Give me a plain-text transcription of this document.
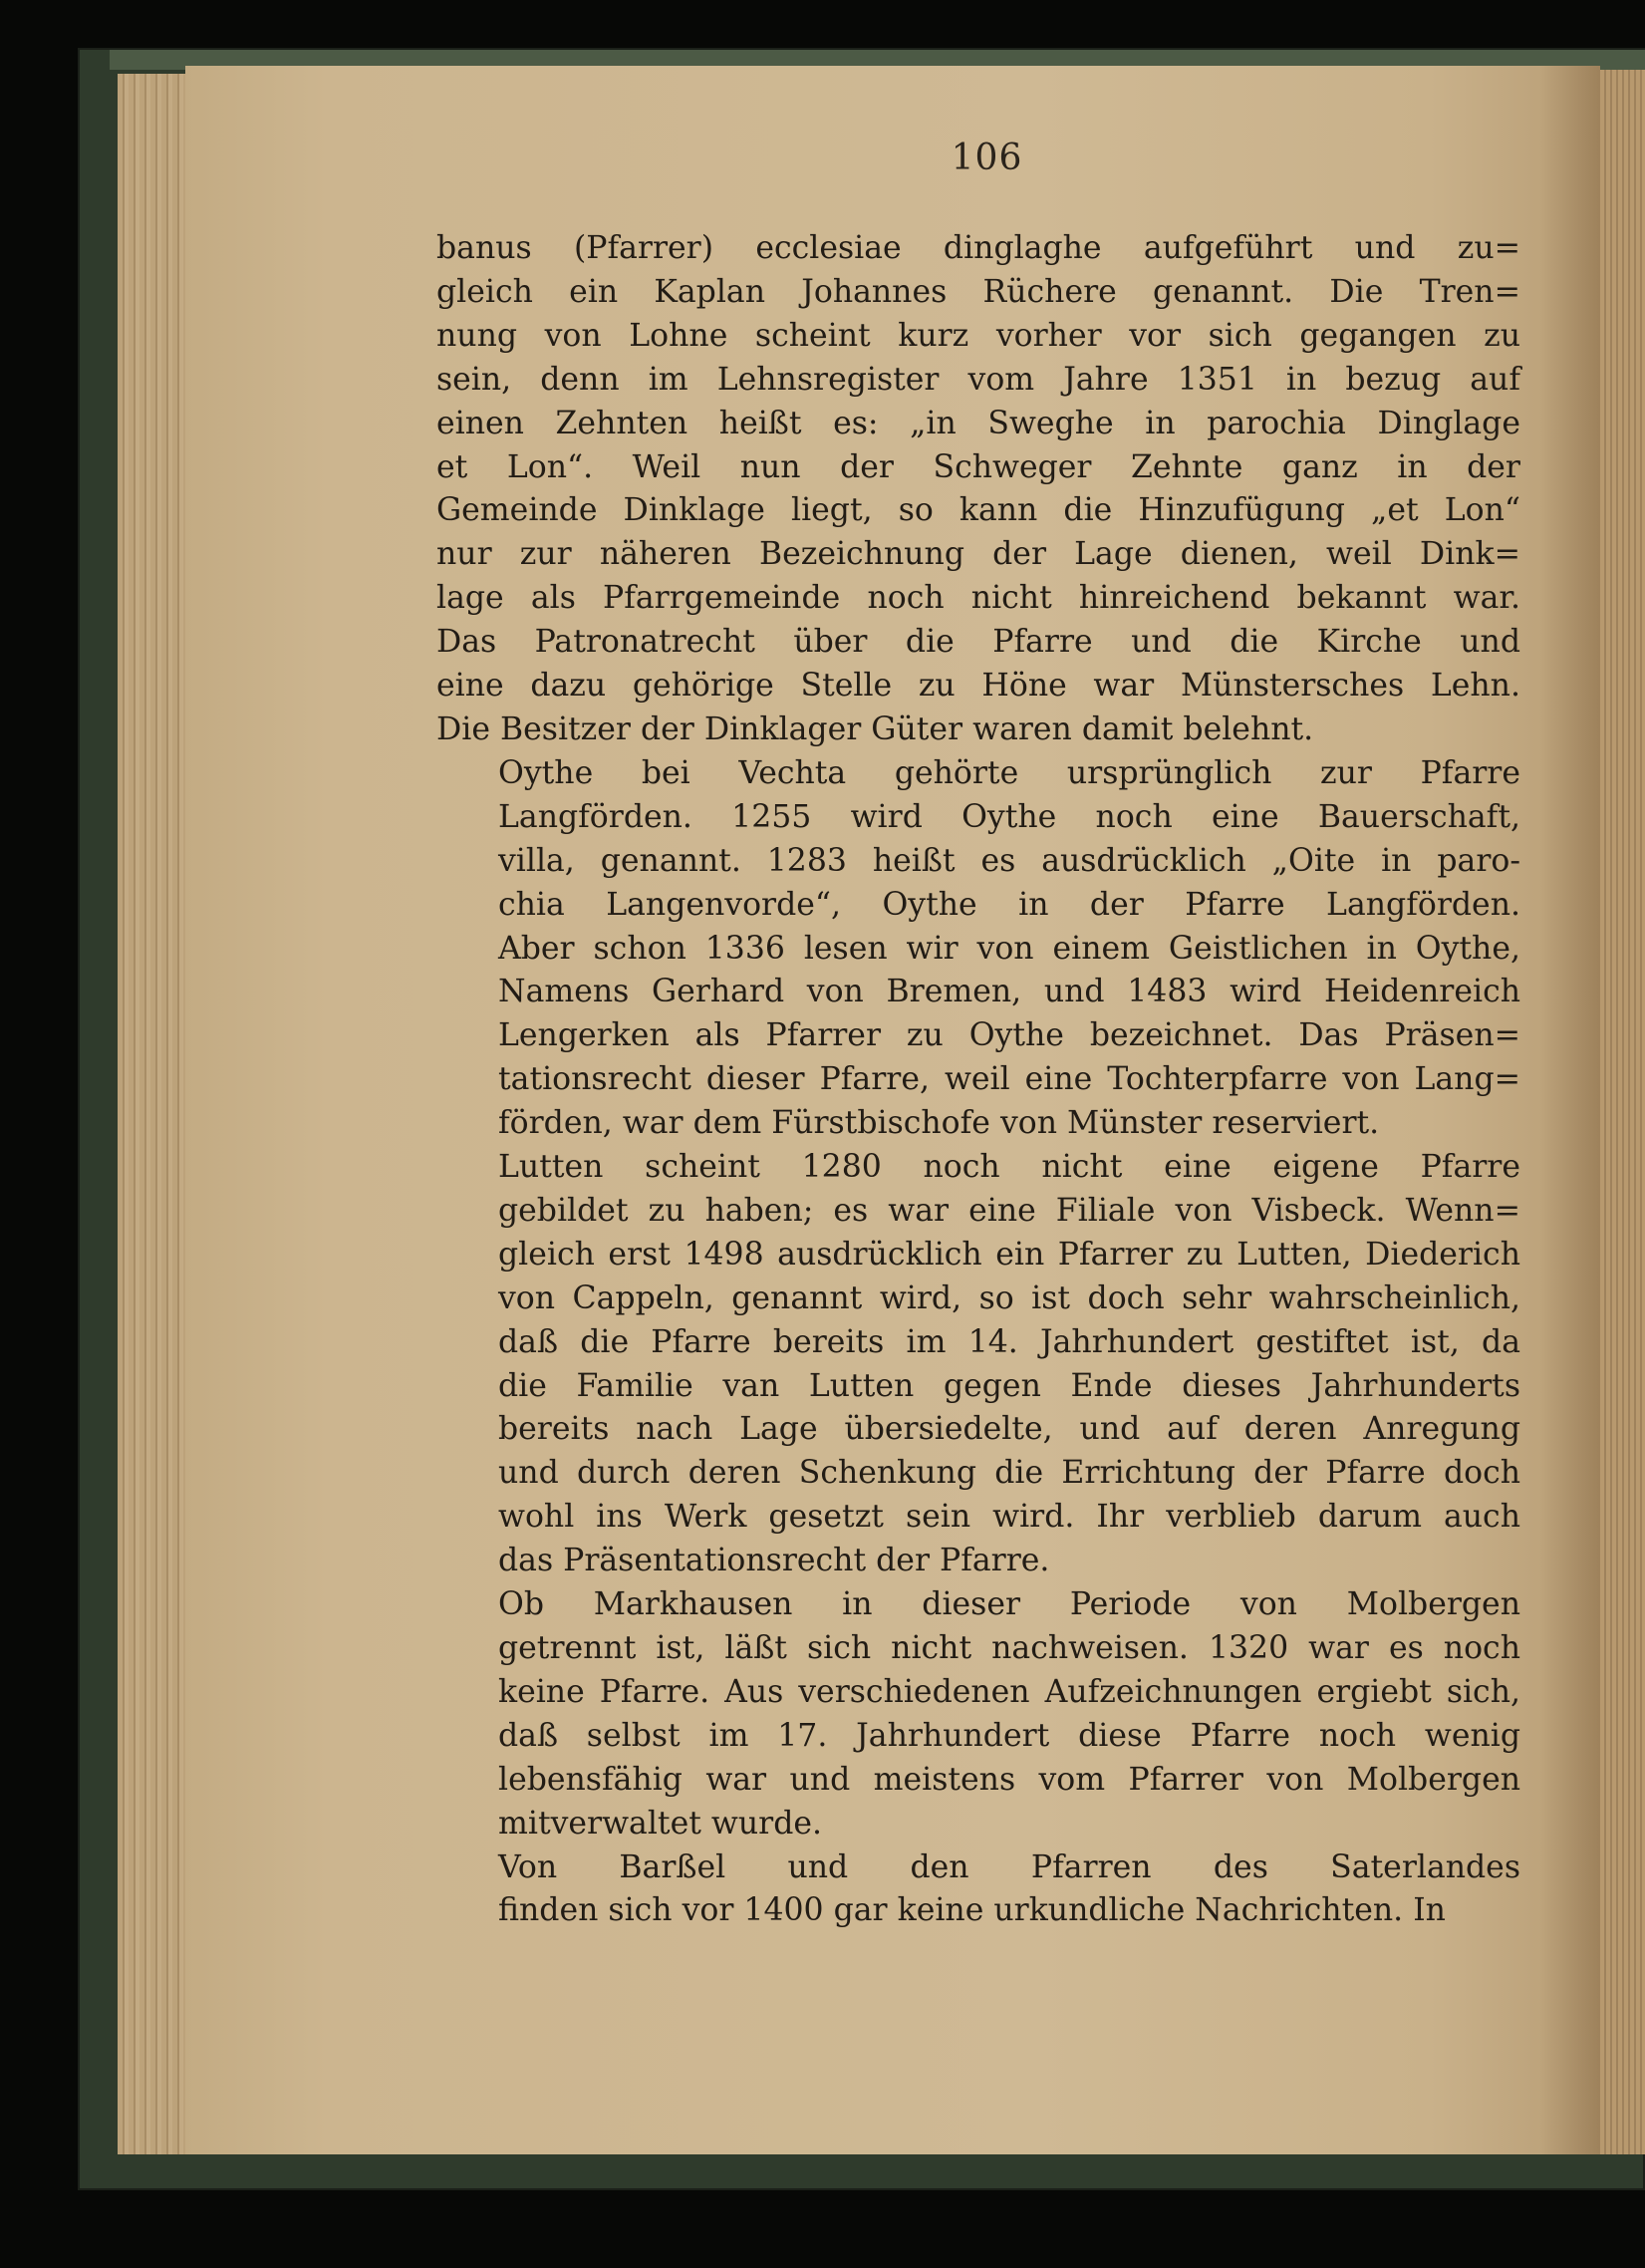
106

banus (Pfarrer) ecclesiae dinglaghe aufgeführt und zu=
gleich ein Kaplan Johannes Rüchere genannt. Die Tren=
nung von Lohne scheint kurz vorher vor sich gegangen zu
sein, denn im Lehnsregister vom Jahre 1351 in bezug auf
einen Zehnten heißt es: „in Sweghe in parochia Dinglage
et Lon“. Weil nun der Schweger Zehnte ganz in der
Gemeinde Dinklage liegt, so kann die Hinzufügung „et Lon“
nur zur näheren Bezeichnung der Lage dienen, weil Dink=
lage als Pfarrgemeinde noch nicht hinreichend bekannt war.
Das Patronatrecht über die Pfarre und die Kirche und
eine dazu gehörige Stelle zu Höne war Münstersches Lehn.
Die Besitzer der Dinklager Güter waren damit belehnt.

Oythe bei Vechta gehörte ursprünglich zur Pfarre
Langförden. 1255 wird Oythe noch eine Bauerschaft,
villa, genannt. 1283 heißt es ausdrücklich „Oite in paro-
chia Langenvorde“, Oythe in der Pfarre Langförden.
Aber schon 1336 lesen wir von einem Geistlichen in Oythe,
Namens Gerhard von Bremen, und 1483 wird Heidenreich
Lengerken als Pfarrer zu Oythe bezeichnet. Das Präsen=
tationsrecht dieser Pfarre, weil eine Tochterpfarre von Lang=
förden, war dem Fürstbischofe von Münster reserviert.

Lutten scheint 1280 noch nicht eine eigene Pfarre
gebildet zu haben; es war eine Filiale von Visbeck. Wenn=
gleich erst 1498 ausdrücklich ein Pfarrer zu Lutten, Diederich
von Cappeln, genannt wird, so ist doch sehr wahrscheinlich,
daß die Pfarre bereits im 14. Jahrhundert gestiftet ist, da
die Familie van Lutten gegen Ende dieses Jahrhunderts
bereits nach Lage übersiedelte, und auf deren Anregung
und durch deren Schenkung die Errichtung der Pfarre doch
wohl ins Werk gesetzt sein wird. Ihr verblieb darum auch
das Präsentationsrecht der Pfarre.

Ob Markhausen in dieser Periode von Molbergen
getrennt ist, läßt sich nicht nachweisen. 1320 war es noch
keine Pfarre. Aus verschiedenen Aufzeichnungen ergiebt sich,
daß selbst im 17. Jahrhundert diese Pfarre noch wenig
lebensfähig war und meistens vom Pfarrer von Molbergen
mitverwaltet wurde.

Von Barßel und den Pfarren des Saterlandes
finden sich vor 1400 gar keine urkundliche Nachrichten. In
